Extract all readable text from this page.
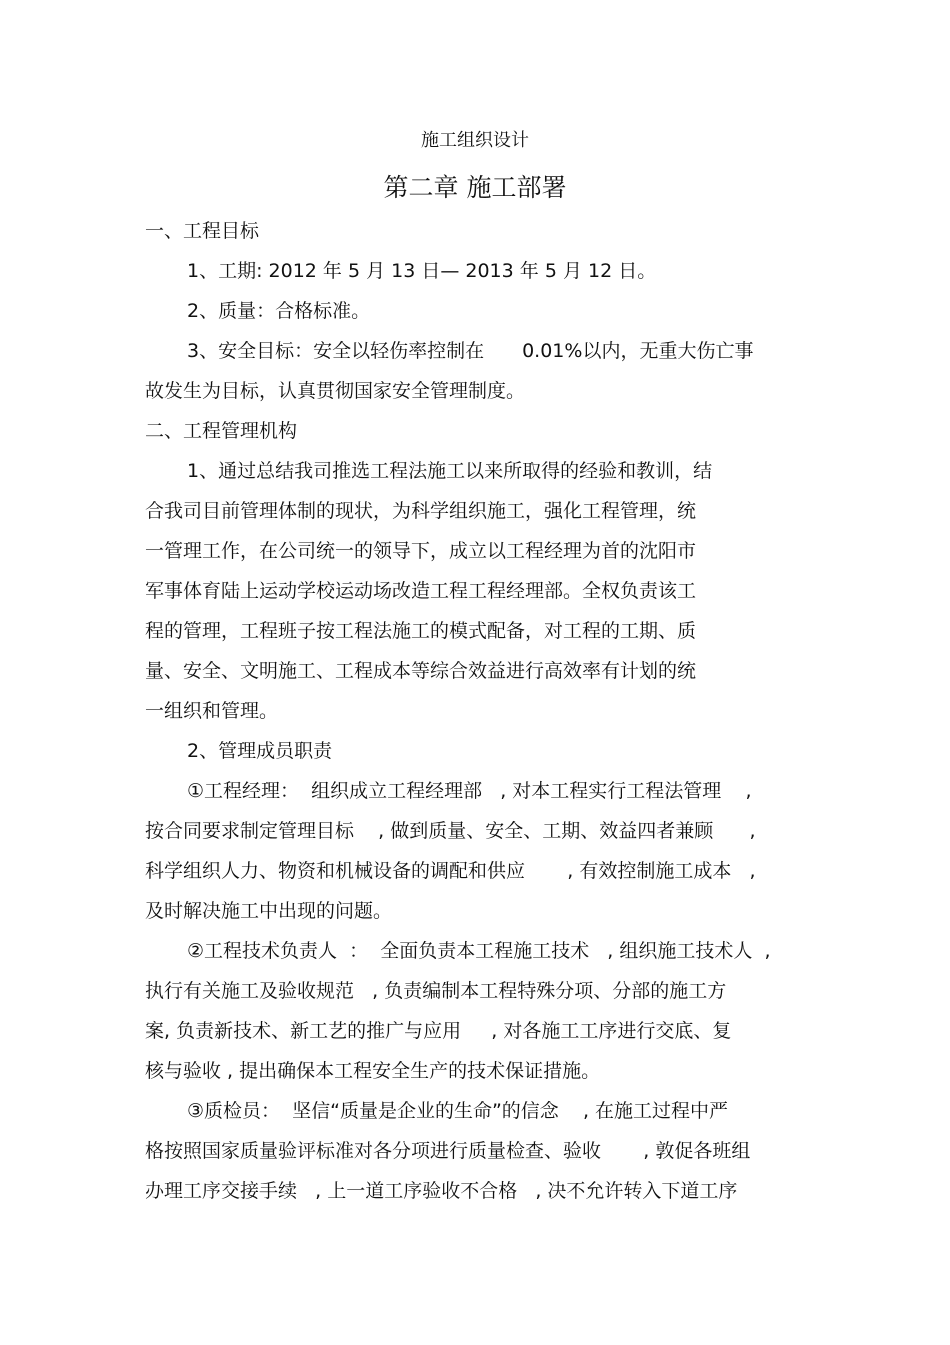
施工组织设计
第二章 施工部署
一、工程目标
1、工期: 2012 年 5 月 13 日— 2013 年 5 月 12 日。
2、质量：合格标准。
3、安全目标：安全以轻伤率控制在 0.01%以内，无重大伤亡事
故发生为目标，认真贯彻国家安全管理制度。
二、工程管理机构
1、通过总结我司推选工程法施工以来所取得的经验和教训，结
合我司目前管理体制的现状，为科学组织施工，强化工程管理，统
一管理工作，在公司统一的领导下，成立以工程经理为首的沈阳市
军事体育陆上运动学校运动场改造工程工程经理部。全权负责该工
程的管理，工程班子按工程法施工的模式配备，对工程的工期、质
量、安全、文明施工、工程成本等综合效益进行高效率有计划的统
一组织和管理。
2、管理成员职责
①工程经理：  组织成立工程经理部   , 对本工程实行工程法管理    ,
按合同要求制定管理目标    , 做到质量、安全、工期、效益四者兼顾      ,
科学组织人力、物资和机械设备的调配和供应       , 有效控制施工成本   ,
及时解决施工中出现的问题。
②工程技术负责人  ：  全面负责本工程施工技术   , 组织施工技术人  ,
执行有关施工及验收规范   , 负责编制本工程特殊分项、分部的施工方
案, 负责新技术、新工艺的推广与应用     , 对各施工工序进行交底、复
核与验收 , 提出确保本工程安全生产的技术保证措施。
③质检员：  坚信“质量是企业的生命”的信念    , 在施工过程中严
格按照国家质量验评标准对各分项进行质量检查、验收       , 敦促各班组
办理工序交接手续   , 上一道工序验收不合格   , 决不允许转入下道工序
